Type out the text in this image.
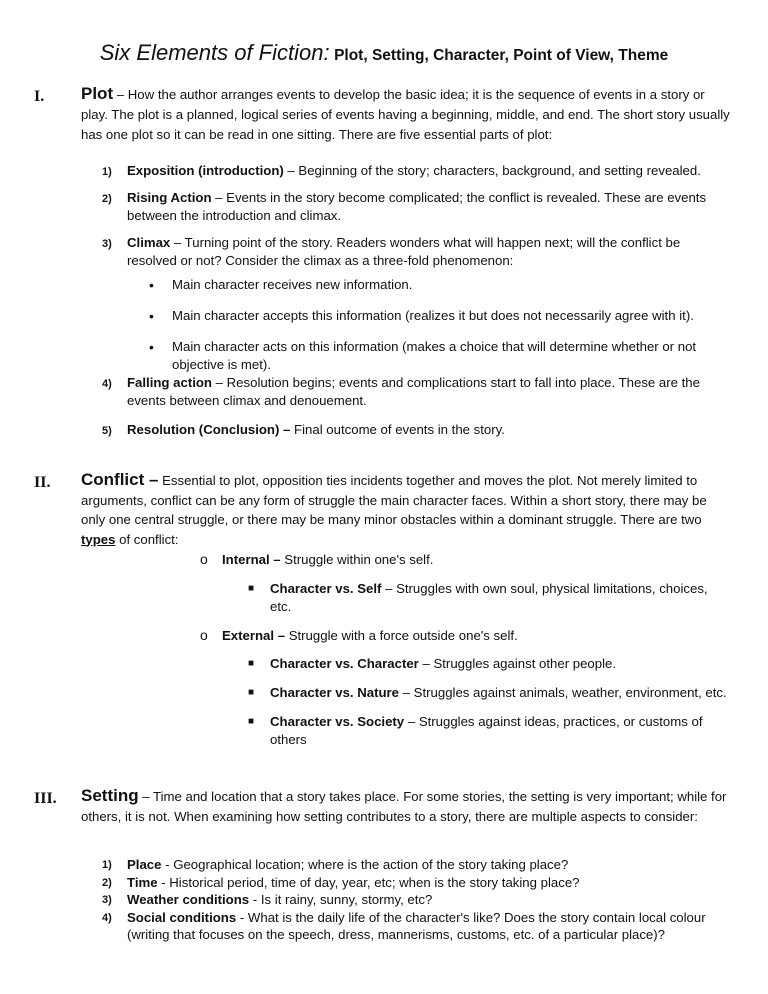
Six Elements of Fiction: Plot, Setting, Character, Point of View, Theme
I. Plot – How the author arranges events to develop the basic idea; it is the sequence of events in a story or play. The plot is a planned, logical series of events having a beginning, middle, and end. The short story usually has one plot so it can be read in one sitting. There are five essential parts of plot:
1) Exposition (introduction) – Beginning of the story; characters, background, and setting revealed.
2) Rising Action – Events in the story become complicated; the conflict is revealed. These are events between the introduction and climax.
3) Climax – Turning point of the story. Readers wonders what will happen next; will the conflict be resolved or not? Consider the climax as a three-fold phenomenon:
• Main character receives new information.
• Main character accepts this information (realizes it but does not necessarily agree with it).
• Main character acts on this information (makes a choice that will determine whether or not objective is met).
4) Falling action – Resolution begins; events and complications start to fall into place. These are the events between climax and denouement.
5) Resolution (Conclusion) – Final outcome of events in the story.
II. Conflict – Essential to plot, opposition ties incidents together and moves the plot. Not merely limited to arguments, conflict can be any form of struggle the main character faces. Within a short story, there may be only one central struggle, or there may be many minor obstacles within a dominant struggle. There are two types of conflict:
o Internal – Struggle within one's self.
■ Character vs. Self – Struggles with own soul, physical limitations, choices, etc.
o External – Struggle with a force outside one's self.
■ Character vs. Character – Struggles against other people.
■ Character vs. Nature – Struggles against animals, weather, environment, etc.
■ Character vs. Society – Struggles against ideas, practices, or customs of others
III. Setting – Time and location that a story takes place. For some stories, the setting is very important; while for others, it is not. When examining how setting contributes to a story, there are multiple aspects to consider:
1) Place - Geographical location; where is the action of the story taking place?
2) Time - Historical period, time of day, year, etc; when is the story taking place?
3) Weather conditions - Is it rainy, sunny, stormy, etc?
4) Social conditions - What is the daily life of the character's like? Does the story contain local colour (writing that focuses on the speech, dress, mannerisms, customs, etc. of a particular place)?
